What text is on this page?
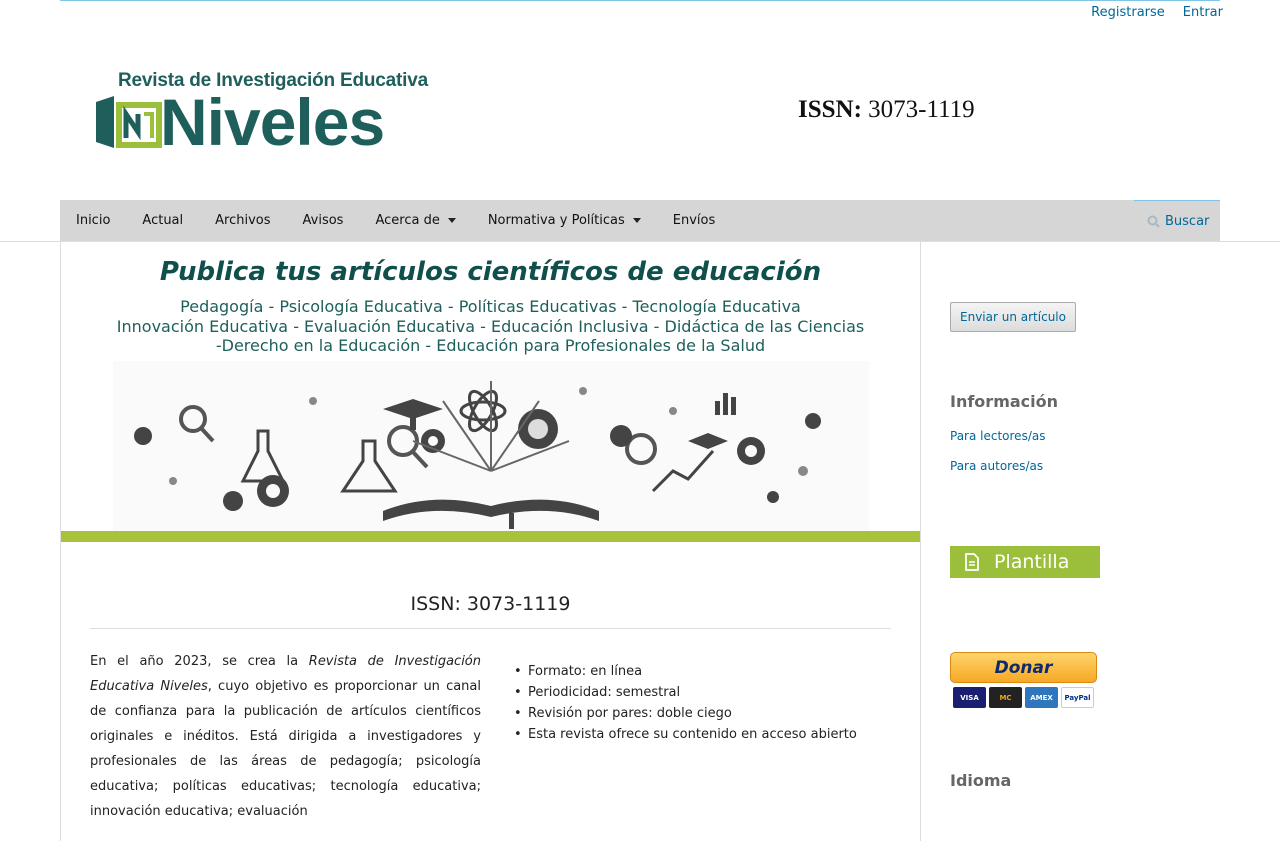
Registrarse Entrar
Revista de Investigación Educativa
Niveles	ISSN: 3073-1119
Inicio Actual Archivos Avisos Acerca de	Normativa y Políticas	Envíos	Buscar
Publica tus artículos científicos de educación
Pedagogía - Psicología Educativa - Políticas Educativas - Tecnología Educativa
Innovación Educativa - Evaluación Educativa - Educación Inclusiva - Didáctica de las Ciencias
-Derecho en la Educación - Educación para Profesionales de la Salud
ISSN: 3073-1119

En el año 2023, se crea la Revista de Investigación Educativa Niveles, cuyo objetivo es proporcionar un canal de confianza para la publicación de artículos científicos originales e inéditos. Está dirigida a investigadores y profesionales de las áreas de pedagogía; psicología educativa; políticas educativas; tecnología educativa; innovación educativa; evaluación

• Formato: en línea
• Periodicidad: semestral
• Revisión por pares: doble ciego
• Esta revista ofrece su contenido en acceso abierto
Enviar un artículo
Información
Para lectores/as
Para autores/as
Plantilla
Donar
VISA	MC	AMEX	PayPal
Idioma
